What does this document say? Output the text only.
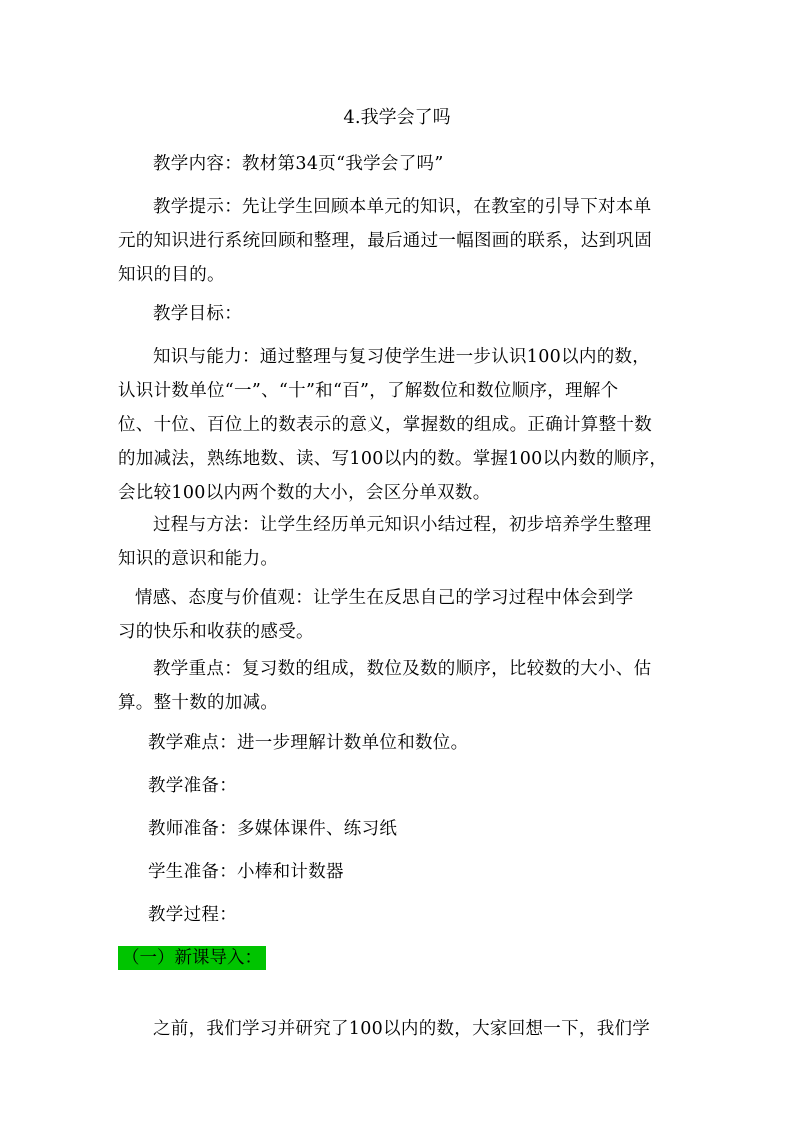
4.我学会了吗
教学内容：教材第34页“我学会了吗”
教学提示：先让学生回顾本单元的知识，在教室的引导下对本单
元的知识进行系统回顾和整理，最后通过一幅图画的联系，达到巩固
知识的目的。
教学目标：
知识与能力：通过整理与复习使学生进一步认识100以内的数，
认识计数单位“一”、“十”和“百”，了解数位和数位顺序，理解个
位、十位、百位上的数表示的意义，掌握数的组成。正确计算整十数
的加减法，熟练地数、读、写100以内的数。掌握100以内数的顺序，
会比较100以内两个数的大小，会区分单双数。
过程与方法：让学生经历单元知识小结过程，初步培养学生整理
知识的意识和能力。
情感、态度与价值观：让学生在反思自己的学习过程中体会到学
习的快乐和收获的感受。
教学重点：复习数的组成，数位及数的顺序，比较数的大小、估
算。整十数的加减。
教学难点：进一步理解计数单位和数位。
教学准备：
教师准备：多媒体课件、练习纸
学生准备：小棒和计数器
教学过程：
（一）新课导入：
之前，我们学习并研究了100以内的数，大家回想一下，我们学
